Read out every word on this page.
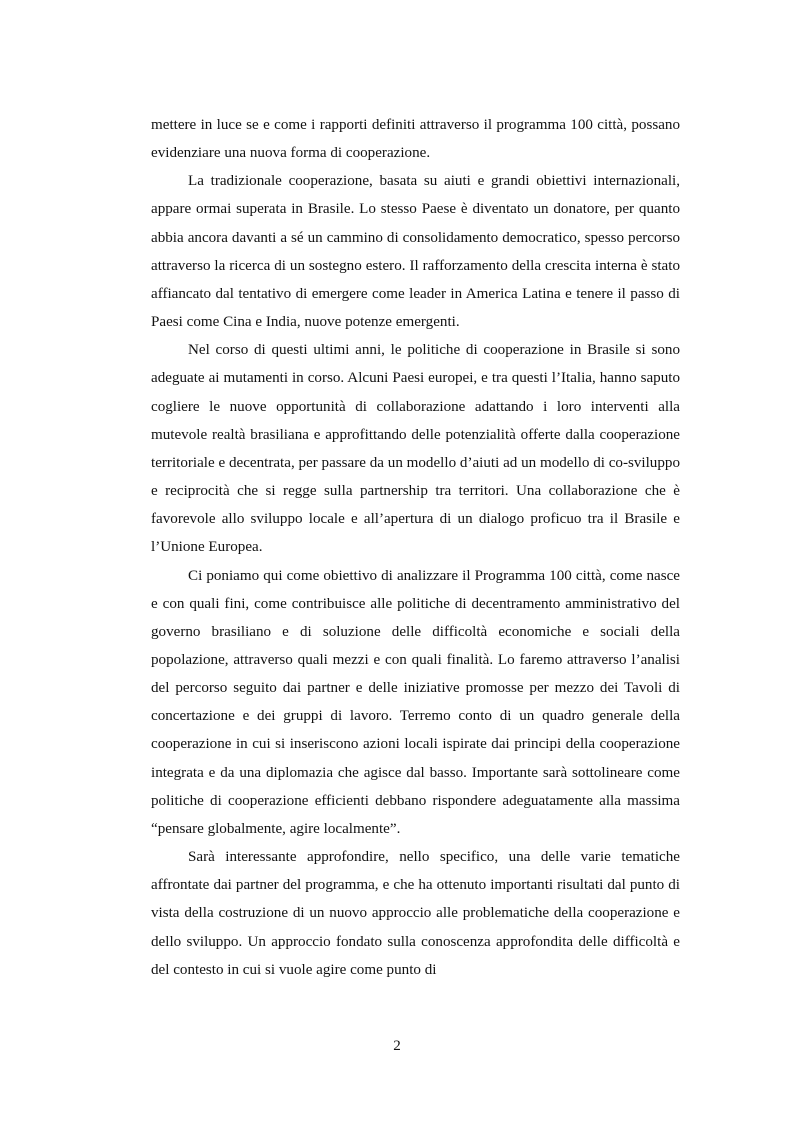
mettere in luce se e come i rapporti definiti attraverso il programma 100 città, possano evidenziare una nuova forma di cooperazione.

La tradizionale cooperazione, basata su aiuti e grandi obiettivi internazionali, appare ormai superata in Brasile. Lo stesso Paese è diventato un donatore, per quanto abbia ancora davanti a sé un cammino di consolidamento democratico, spesso percorso attraverso la ricerca di un sostegno estero. Il rafforzamento della crescita interna è stato affiancato dal tentativo di emergere come leader in America Latina e tenere il passo di Paesi come Cina e India, nuove potenze emergenti.

Nel corso di questi ultimi anni, le politiche di cooperazione in Brasile si sono adeguate ai mutamenti in corso. Alcuni Paesi europei, e tra questi l’Italia, hanno saputo cogliere le nuove opportunità di collaborazione adattando i loro interventi alla mutevole realtà brasiliana e approfittando delle potenzialità offerte dalla cooperazione territoriale e decentrata, per passare da un modello d’aiuti ad un modello di co-sviluppo e reciprocità che si regge sulla partnership tra territori. Una collaborazione che è favorevole allo sviluppo locale e all’apertura di un dialogo proficuo tra il Brasile e l’Unione Europea.

Ci poniamo qui come obiettivo di analizzare il Programma 100 città, come nasce e con quali fini, come contribuisce alle politiche di decentramento amministrativo del governo brasiliano e di soluzione delle difficoltà economiche e sociali della popolazione, attraverso quali mezzi e con quali finalità. Lo faremo attraverso l’analisi del percorso seguito dai partner e delle iniziative promosse per mezzo dei Tavoli di concertazione e dei gruppi di lavoro. Terremo conto di un quadro generale della cooperazione in cui si inseriscono azioni locali ispirate dai principi della cooperazione integrata e da una diplomazia che agisce dal basso. Importante sarà sottolineare come politiche di cooperazione efficienti debbano rispondere adeguatamente alla massima “pensare globalmente, agire localmente”.

Sarà interessante approfondire, nello specifico, una delle varie tematiche affrontate dai partner del programma, e che ha ottenuto importanti risultati dal punto di vista della costruzione di un nuovo approccio alle problematiche della cooperazione e dello sviluppo. Un approccio fondato sulla conoscenza approfondita delle difficoltà e del contesto in cui si vuole agire come punto di

2
